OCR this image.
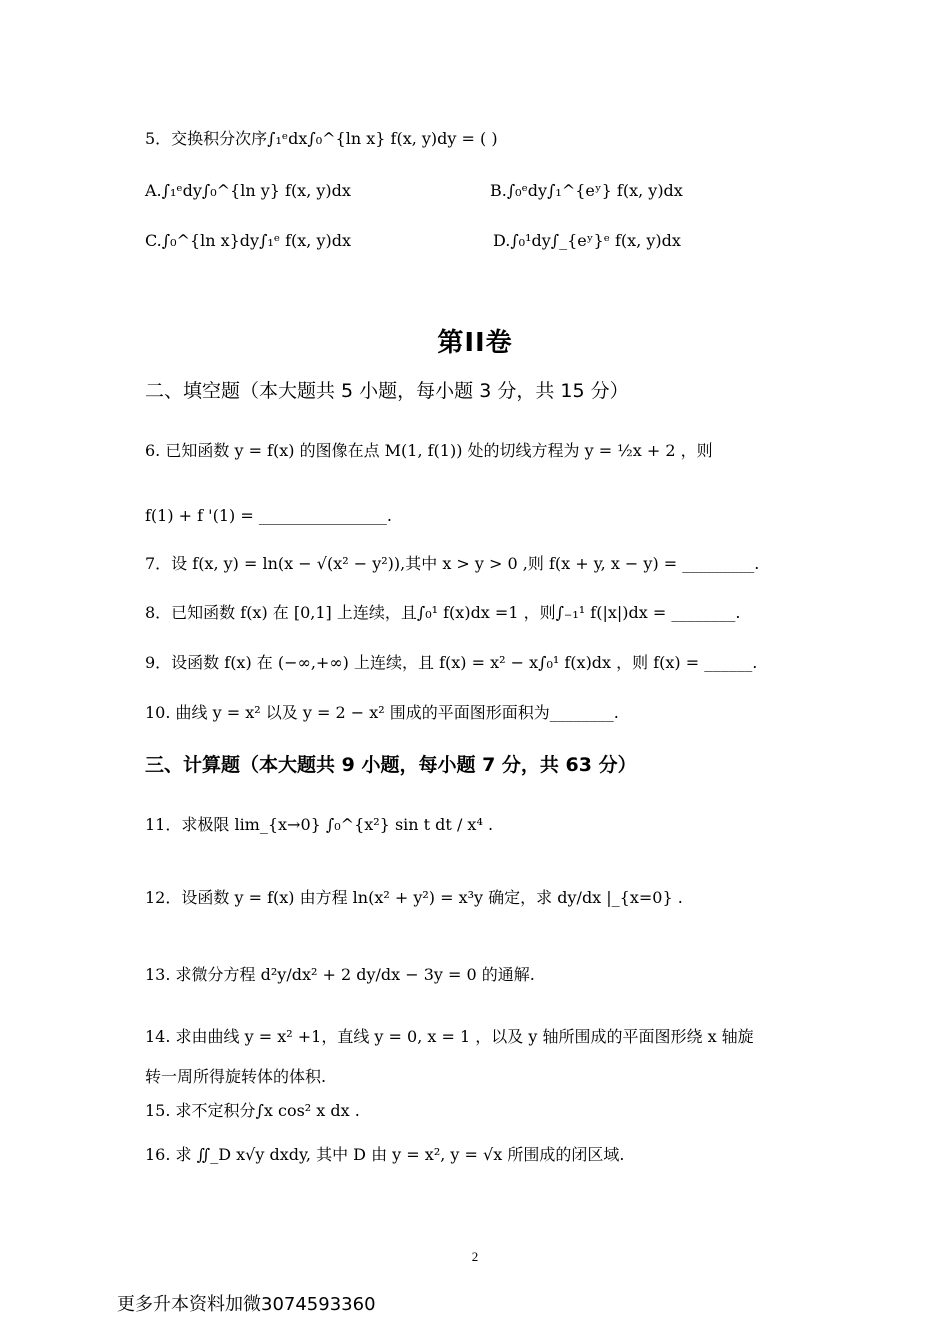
5．交换积分次序∫₁ᵉdx∫₀^{ln x} f(x, y)dy = ( )
A.∫₁ᵉdy∫₀^{ln y} f(x, y)dx	B.∫₀ᵉdy∫₁^{eʸ} f(x, y)dx
C.∫₀^{ln x}dy∫₁ᵉ f(x, y)dx	D.∫₀¹dy∫_{eʸ}ᵉ f(x, y)dx
第II卷
二、填空题（本大题共 5 小题，每小题 3 分，共 15 分）
6. 已知函数 y = f(x) 的图像在点 M(1, f(1)) 处的切线方程为 y = ½x + 2 ，则
f(1) + f '(1) = ________________.
7．设 f(x, y) = ln(x − √(x² − y²)),其中 x > y > 0 ,则 f(x + y, x − y) = _________.
8．已知函数 f(x) 在 [0,1] 上连续，且∫₀¹ f(x)dx =1 ，则∫₋₁¹ f(|x|)dx = ________.
9．设函数 f(x) 在 (−∞,+∞) 上连续，且 f(x) = x² − x∫₀¹ f(x)dx ，则 f(x) = ______.
10. 曲线 y = x² 以及 y = 2 − x² 围成的平面图形面积为________.
三、计算题（本大题共 9 小题，每小题 7 分，共 63 分）
11．求极限 lim_{x→0} ∫₀^{x²} sin t dt / x⁴ .
12．设函数 y = f(x) 由方程 ln(x² + y²) = x³y 确定，求 dy/dx |_{x=0} .
13. 求微分方程 d²y/dx² + 2 dy/dx − 3y = 0 的通解.
14. 求由曲线 y = x² +1，直线 y = 0, x = 1 ，以及 y 轴所围成的平面图形绕 x 轴旋
转一周所得旋转体的体积.
15. 求不定积分∫x cos² x dx .
16. 求 ∬_D x√y dxdy, 其中 D 由 y = x², y = √x 所围成的闭区域.
2
更多升本资料加微3074593360
